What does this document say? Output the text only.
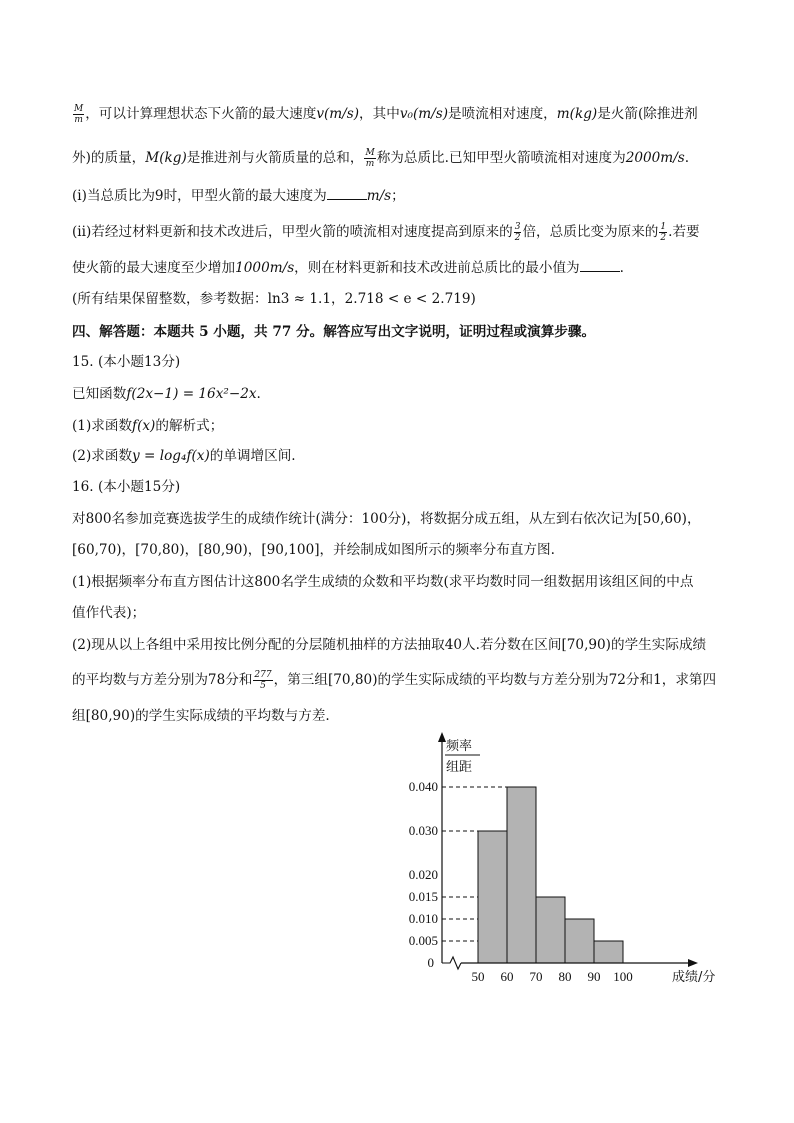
$\frac{M}{m}$ ，可以计算理想状态下火箭的最大速度v(m/s)，其中v₀(m/s)是喷流相对速度，m(kg)是火箭(除推进剂
外)的质量，M(kg)是推进剂与火箭质量的总和， $\frac{M}{m}$ 称为总质比.已知甲型火箭喷流相对速度为2000m/s.
(i)当总质比为9时，甲型火箭的最大速度为	m/s；
(ii)若经过材料更新和技术改进后，甲型火箭的喷流相对速度提高到原来的 $\frac{3}{2}$ 倍，总质比变为原来的 $\frac{1}{2}$ .若要
使火箭的最大速度至少增加1000m/s，则在材料更新和技术改进前总质比的最小值为	.
(所有结果保留整数，参考数据：ln3 ≈ 1.1，2.718 < e < 2.719)
四、解答题：本题共 5 小题，共 77 分。解答应写出文字说明，证明过程或演算步骤。
15. (本小题13分)
已知函数f(2x−1) = 16x²−2x.
(1)求函数f(x)的解析式；
(2)求函数y = log₄f(x)的单调增区间.
16. (本小题15分)
对800名参加竞赛选拔学生的成绩作统计(满分：100分)，将数据分成五组，从左到右依次记为[50,60)，
[60,70)，[70,80)，[80,90)，[90,100]，并绘制成如图所示的频率分布直方图.
(1)根据频率分布直方图估计这800名学生成绩的众数和平均数(求平均数时同一组数据用该组区间的中点
值作代表)；
(2)现从以上各组中采用按比例分配的分层随机抽样的方法抽取40人.若分数在区间[70,90)的学生实际成绩
的平均数与方差分别为78分和 $\frac{277}{5}$ ，第三组[70,80)的学生实际成绩的平均数与方差分别为72分和1，求第四
组[80,90)的学生实际成绩的平均数与方差.
频率
组距
成绩/分
0
0.005
0.010
0.015
0.020
0.030
0.040
50 60 70 80 90 100
